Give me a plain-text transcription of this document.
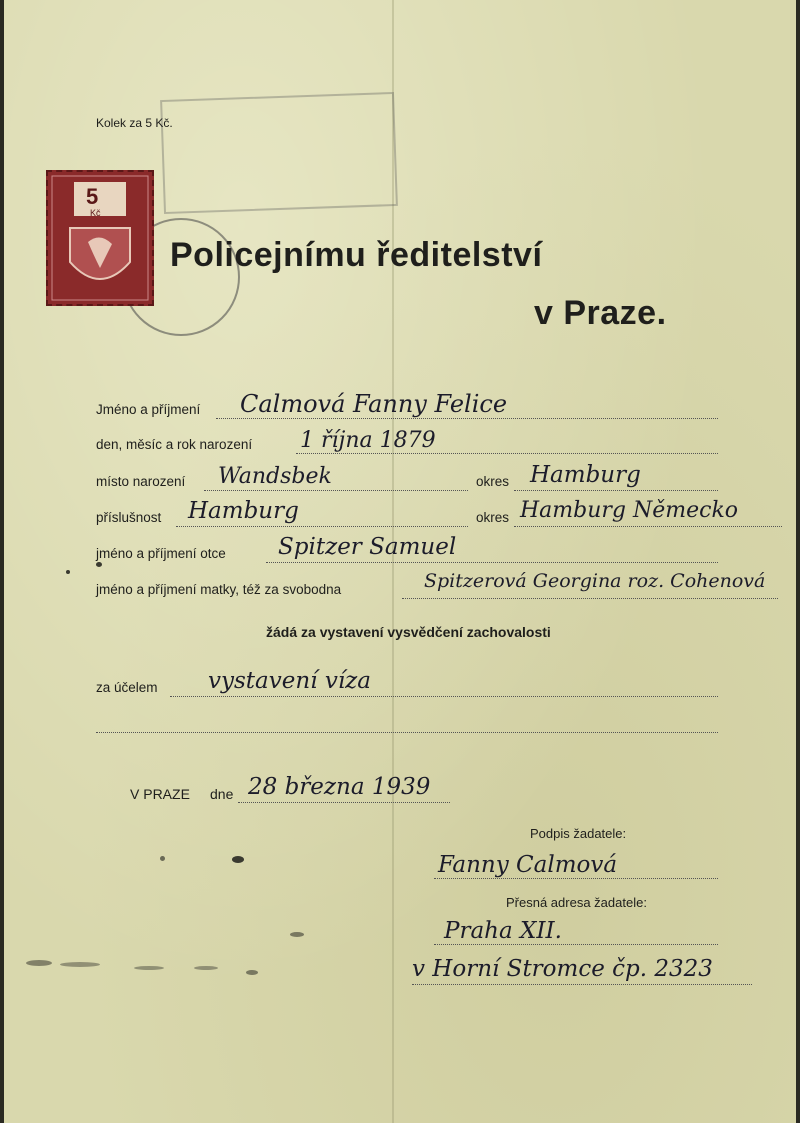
Kolek za 5 Kč.
5
Kč
Policejnímu ředitelství
v Praze.
Jméno a příjmení Calmová Fanny Felice
den, měsíc a rok narození 1 října 1879
místo narození Wandsbek	okres Hamburg
příslušnost Hamburg	okres Hamburg Německo
jméno a příjmení otce Spitzer Samuel
jméno a příjmení matky, též za svobodna	Spitzerová Georgina roz. Cohenová
žádá za vystavení vysvědčení zachovalosti
za účelem vystavení víza
V PRAZE dne 28 března 1939
Podpis žadatele:
Fanny Calmová
Přesná adresa žadatele:
Praha XII.
v Horní Stromce čp. 2323
